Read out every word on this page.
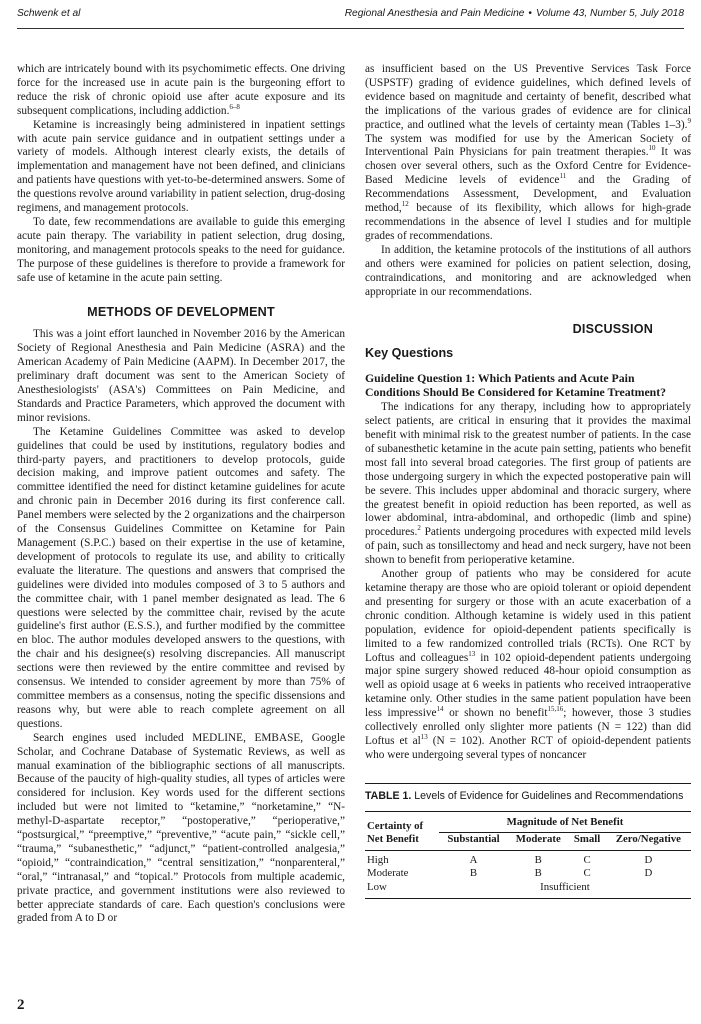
Schwenk et al	Regional Anesthesia and Pain Medicine • Volume 43, Number 5, July 2018

which are intricately bound with its psychomimetic effects. One driving force for the increased use in acute pain is the burgeoning effort to reduce the risk of chronic opioid use after acute exposure and its subsequent complications, including addiction.$^{6-8}$

Ketamine is increasingly being administered in inpatient settings with acute pain service guidance and in outpatient settings under a variety of models. Although interest clearly exists, the details of implementation and management have not been defined, and clinicians and patients have questions with yet-to-be-determined answers. Some of the questions revolve around variability in patient selection, drug-dosing regimens, and management protocols.

To date, few recommendations are available to guide this emerging acute pain therapy. The variability in patient selection, drug dosing, monitoring, and management protocols speaks to the need for guidance. The purpose of these guidelines is therefore to provide a framework for safe use of ketamine in the acute pain setting.

METHODS OF DEVELOPMENT

This was a joint effort launched in November 2016 by the American Society of Regional Anesthesia and Pain Medicine (ASRA) and the American Academy of Pain Medicine (AAPM). In December 2017, the preliminary draft document was sent to the American Society of Anesthesiologists' (ASA's) Committees on Pain Medicine, and Standards and Practice Parameters, which approved the document with minor revisions.

The Ketamine Guidelines Committee was asked to develop guidelines that could be used by institutions, regulatory bodies and third-party payers, and practitioners to develop protocols, guide decision making, and improve patient outcomes and safety. The committee identified the need for distinct ketamine guidelines for acute and chronic pain in December 2016 during its first conference call. Panel members were selected by the 2 organizations and the chairperson of the Consensus Guidelines Committee on Ketamine for Pain Management (S.P.C.) based on their expertise in the use of ketamine, development of protocols to regulate its use, and ability to critically evaluate the literature. The questions and answers that comprised the guidelines were divided into modules composed of 3 to 5 authors and the committee chair, with 1 panel member designated as lead. The 6 questions were selected by the committee chair, revised by the acute guideline's first author (E.S.S.), and further modified by the committee en bloc. The author modules developed answers to the questions, with the chair and his designee(s) resolving discrepancies. All manuscript sections were then reviewed by the entire committee and revised by consensus. We intended to consider agreement by more than 75% of committee members as a consensus, noting the specific dissensions and reasons why, but were able to reach complete agreement on all questions.

Search engines used included MEDLINE, EMBASE, Google Scholar, and Cochrane Database of Systematic Reviews, as well as manual examination of the bibliographic sections of all manuscripts. Because of the paucity of high-quality studies, all types of articles were considered for inclusion. Key words used for the different sections included but were not limited to “ketamine,” “norketamine,” “N-methyl-D-aspartate receptor,” “postoperative,” “perioperative,” “postsurgical,” “preemptive,” “preventive,” “acute pain,” “sickle cell,” “trauma,” “subanesthetic,” “adjunct,” “patient-controlled analgesia,” “opioid,” “contraindication,” “central sensitization,” “nonparenteral,” “oral,” “intranasal,” and “topical.” Protocols from multiple academic, private practice, and government institutions were also reviewed to better appreciate standards of care. Each question's conclusions were graded from A to D or

as insufficient based on the US Preventive Services Task Force (USPSTF) grading of evidence guidelines, which defined levels of evidence based on magnitude and certainty of benefit, described what the implications of the various grades of evidence are for clinical practice, and outlined what the levels of certainty mean (Tables 1–3).$^9$ The system was modified for use by the American Society of Interventional Pain Physicians for pain treatment therapies.$^{10}$ It was chosen over several others, such as the Oxford Centre for Evidence-Based Medicine levels of evidence$^{11}$ and the Grading of Recommendations Assessment, Development, and Evaluation method,$^{12}$ because of its flexibility, which allows for high-grade recommendations in the absence of level I studies and for multiple grades of recommendations.

In addition, the ketamine protocols of the institutions of all authors and others were examined for policies on patient selection, dosing, contraindications, and monitoring and are acknowledged when appropriate in our recommendations.

DISCUSSION
Key Questions
Guideline Question 1: Which Patients and Acute Pain Conditions Should Be Considered for Ketamine Treatment?

The indications for any therapy, including how to appropriately select patients, are critical in ensuring that it provides the maximal benefit with minimal risk to the greatest number of patients. In the case of subanesthetic ketamine in the acute pain setting, patients who benefit most fall into several broad categories. The first group of patients are those undergoing surgery in which the expected postoperative pain will be severe. This includes upper abdominal and thoracic surgery, where the greatest benefit in opioid reduction has been reported, as well as lower abdominal, intra-abdominal, and orthopedic (limb and spine) procedures.$^2$ Patients undergoing procedures with expected mild levels of pain, such as tonsillectomy and head and neck surgery, have not been shown to benefit from perioperative ketamine.

Another group of patients who may be considered for acute ketamine therapy are those who are opioid tolerant or opioid dependent and presenting for surgery or those with an acute exacerbation of a chronic condition. Although ketamine is widely used in this patient population, evidence for opioid-dependent patients specifically is limited to a few randomized controlled trials (RCTs). One RCT by Loftus and colleagues$^{13}$ in 102 opioid-dependent patients undergoing major spine surgery showed reduced 48-hour opioid consumption as well as opioid usage at 6 weeks in patients who received intraoperative ketamine only. Other studies in the same patient population have been less impressive$^{14}$ or shown no benefit$^{15,16}$; however, those 3 studies collectively enrolled only slighter more patients (N = 122) than did Loftus et $al^{13}$ (N = 102). Another RCT of opioid-dependent patients who were undergoing several types of noncancer

TABLE 1. Levels of Evidence for Guidelines and Recommendations
Certainty of
Net Benefit	Magnitude of Net Benefit			
	Substantial	Moderate	Small	Zero/Negative
High	A	B	C	D
Moderate	B	B	C	D
Low	Insufficient			
2
